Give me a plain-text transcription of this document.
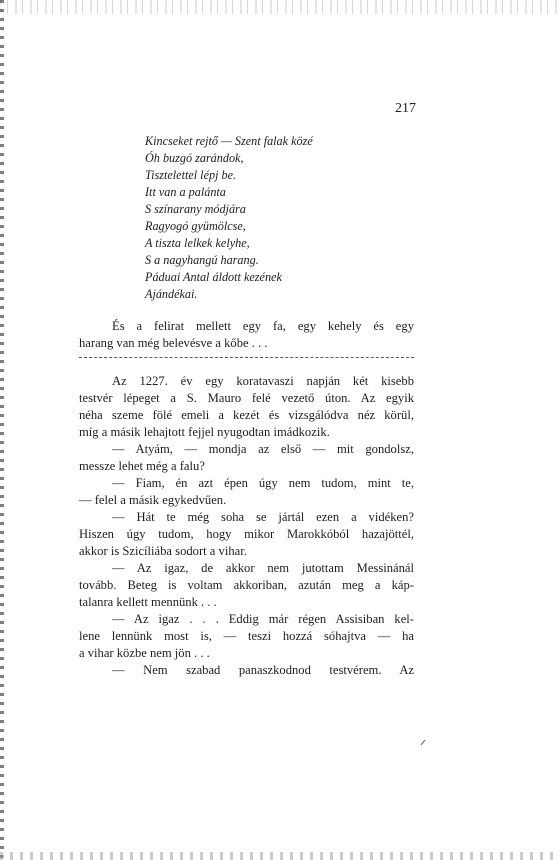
217
Kincseket rejtő — Szent falak közé
Óh buzgó zarándok,
Tisztelettel lépj be.
Itt van a palánta
S színarany módjára
Ragyogó gyümölcse,
A tiszta lelkek kelyhe,
S a nagyhangú harang.
Páduai Antal áldott kezének
Ajándékai.
És a felirat mellett egy fa, egy kehely és egy
harang van még belevésve a kőbe . . .
Az 1227. év egy koratavaszi napján két kisebb
testvér lépeget a S. Mauro felé vezető úton. Az egyik
néha szeme fölé emeli a kezét és vizsgálódva néz körül,
míg a másik lehajtott fejjel nyugodtan imádkozik.
— Atyám, — mondja az első — mit gondolsz,
messze lehet még a falu?
— Fiam, én azt épen úgy nem tudom, mint te,
— felel a másik egykedvűen.
— Hát te még soha se jártál ezen a vidéken?
Hiszen úgy tudom, hogy mikor Marokkóból hazajöttél,
akkor is Szicíliába sodort a vihar.
— Az igaz, de akkor nem jutottam Messinánál
tovább. Beteg is voltam akkoriban, azután meg a káp-
talanra kellett mennünk . . .
— Az igaz . . . Eddig már régen Assisiban kel-
lene lennünk most is, — teszi hozzá sóhajtva — ha
a vihar közbe nem jön . . .
— Nem szabad panaszkodnod testvérem. Az
